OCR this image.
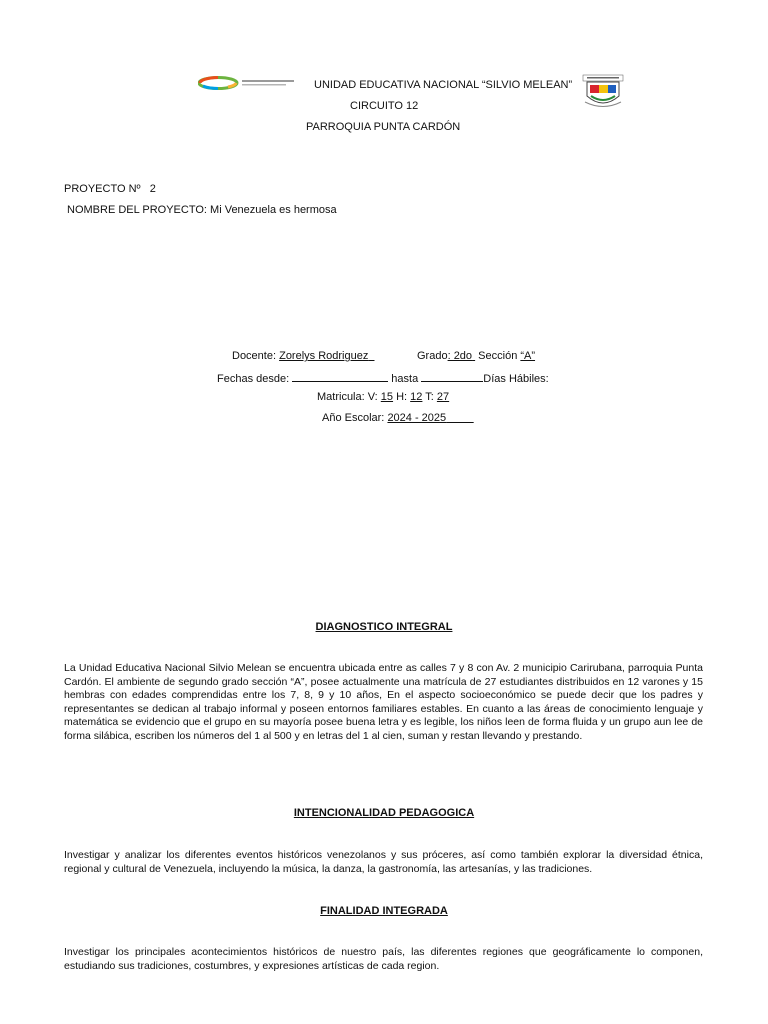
UNIDAD EDUCATIVA NACIONAL “SILVIO MELEAN”
CIRCUITO 12
PARROQUIA PUNTA CARDÓN
PROYECTO Nº 2
NOMBRE DEL PROYECTO: Mi Venezuela es hermosa
Docente: Zorelys Rodriguez	Grado: 2do Sección “A”
Fechas desde:	hasta	Días Hábiles:
Matricula: V: 15 H: 12 T: 27
Año Escolar: 2024 - 2025
DIAGNOSTICO INTEGRAL
La Unidad Educativa Nacional Silvio Melean se encuentra ubicada entre as calles 7 y 8 con Av. 2 municipio Carirubana, parroquia Punta Cardón. El ambiente de segundo grado sección “A”, posee actualmente una matrícula de 27 estudiantes distribuidos en 12 varones y 15 hembras con edades comprendidas entre los 7, 8, 9 y 10 años, En el aspecto socioeconómico se puede decir que los padres y representantes se dedican al trabajo informal y poseen entornos familiares estables. En cuanto a las áreas de conocimiento lenguaje y matemática se evidencio que el grupo en su mayoría posee buena letra y es legible, los niños leen de forma fluida y un grupo aun lee de forma silábica, escriben los números del 1 al 500 y en letras del 1 al cien, suman y restan llevando y prestando.
INTENCIONALIDAD PEDAGOGICA
Investigar y analizar los diferentes eventos históricos venezolanos y sus próceres, así como también explorar la diversidad étnica, regional y cultural de Venezuela, incluyendo la música, la danza, la gastronomía, las artesanías, y las tradiciones.
FINALIDAD INTEGRADA
Investigar los principales acontecimientos históricos de nuestro país, las diferentes regiones que geográficamente lo componen, estudiando sus tradiciones, costumbres, y expresiones artísticas de cada region.
